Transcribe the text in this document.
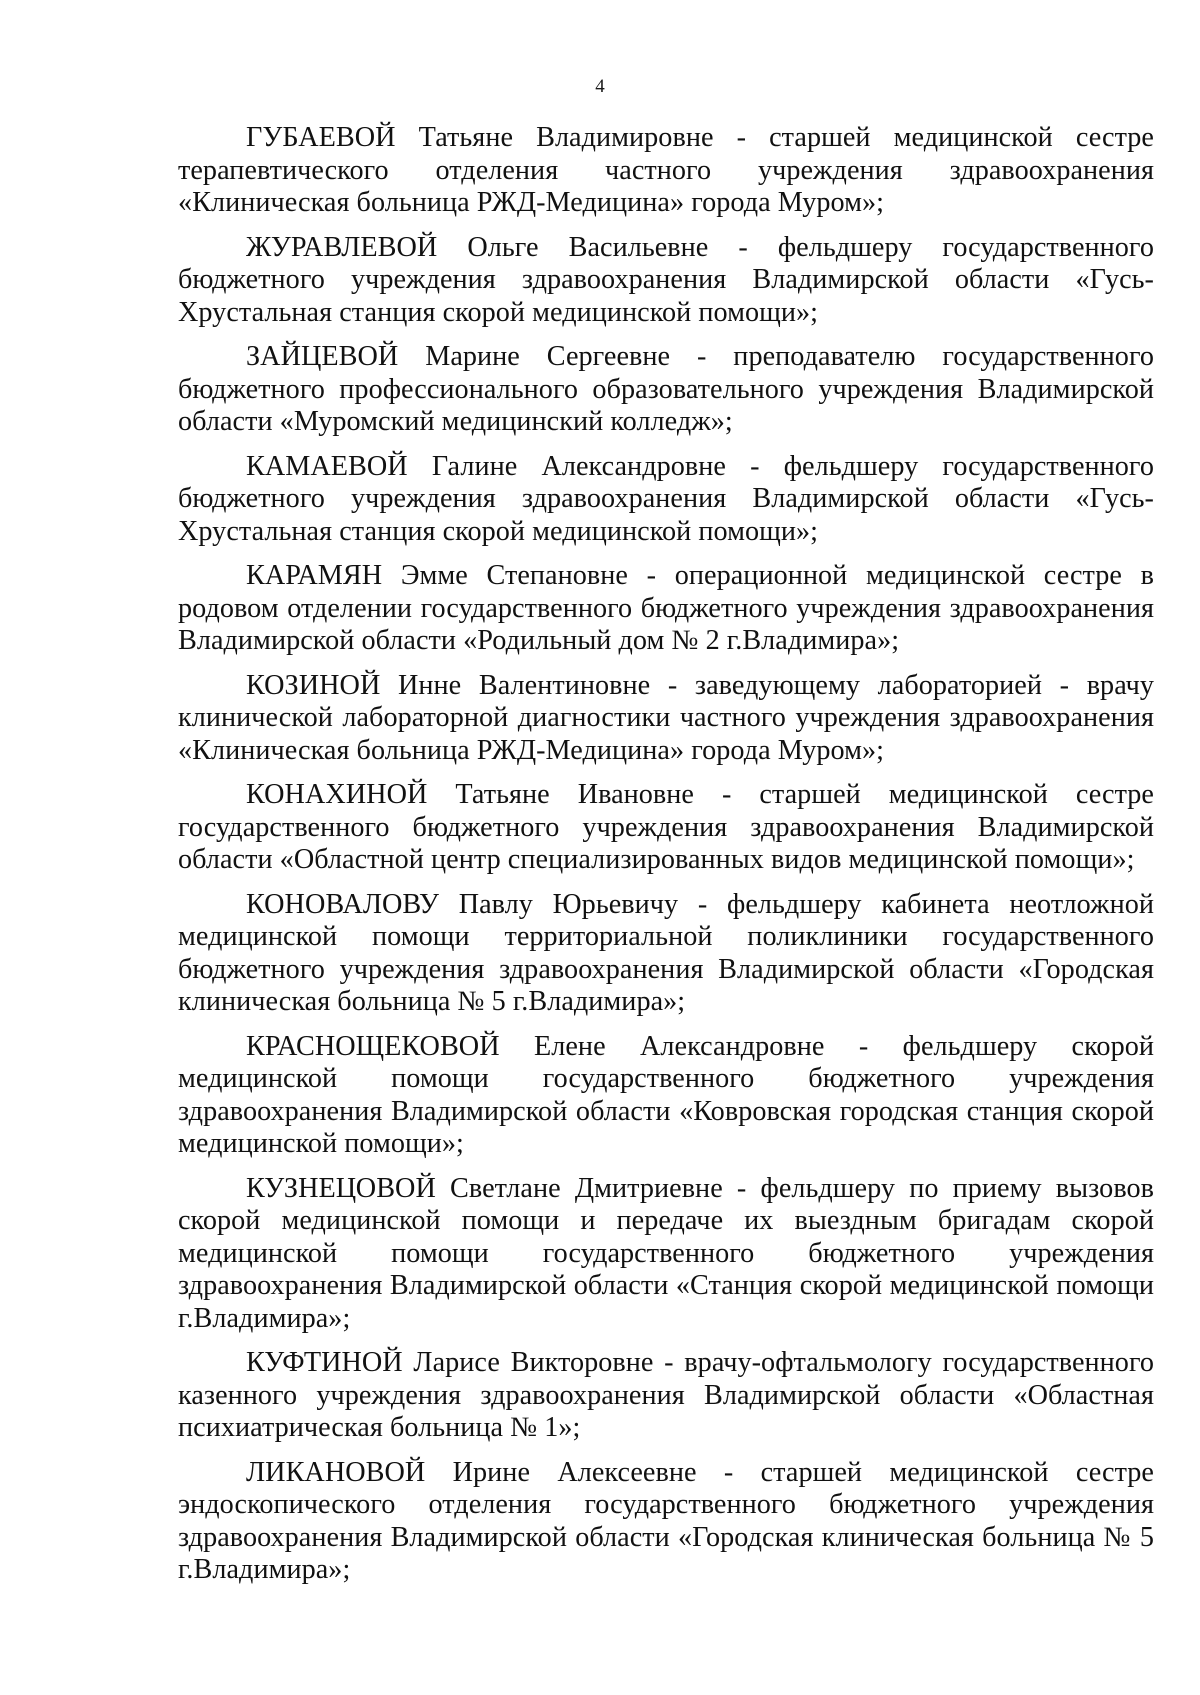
4

ГУБАЕВОЙ Татьяне Владимировне - старшей медицинской сестре терапевтического отделения частного учреждения здравоохранения «Клиническая больница РЖД-Медицина» города Муром»;

ЖУРАВЛЕВОЙ Ольге Васильевне - фельдшеру государственного бюджетного учреждения здравоохранения Владимирской области «Гусь-Хрустальная станция скорой медицинской помощи»;

ЗАЙЦЕВОЙ Марине Сергеевне - преподавателю государственного бюджетного профессионального образовательного учреждения Владимирской области «Муромский медицинский колледж»;

КАМАЕВОЙ Галине Александровне - фельдшеру государственного бюджетного учреждения здравоохранения Владимирской области «Гусь-Хрустальная станция скорой медицинской помощи»;

КАРАМЯН Эмме Степановне - операционной медицинской сестре в родовом отделении государственного бюджетного учреждения здравоохранения Владимирской области «Родильный дом № 2 г.Владимира»;

КОЗИНОЙ Инне Валентиновне - заведующему лабораторией - врачу клинической лабораторной диагностики частного учреждения здравоохранения «Клиническая больница РЖД-Медицина» города Муром»;

КОНАХИНОЙ Татьяне Ивановне - старшей медицинской сестре государственного бюджетного учреждения здравоохранения Владимирской области «Областной центр специализированных видов медицинской помощи»;

КОНОВАЛОВУ Павлу Юрьевичу - фельдшеру кабинета неотложной медицинской помощи территориальной поликлиники государственного бюджетного учреждения здравоохранения Владимирской области «Городская клиническая больница № 5 г.Владимира»;

КРАСНОЩЕКОВОЙ Елене Александровне - фельдшеру скорой медицинской помощи государственного бюджетного учреждения здравоохранения Владимирской области «Ковровская городская станция скорой медицинской помощи»;

КУЗНЕЦОВОЙ Светлане Дмитриевне - фельдшеру по приему вызовов скорой медицинской помощи и передаче их выездным бригадам скорой медицинской помощи государственного бюджетного учреждения здравоохранения Владимирской области «Станция скорой медицинской помощи г.Владимира»;

КУФТИНОЙ Ларисе Викторовне - врачу-офтальмологу государственного казенного учреждения здравоохранения Владимирской области «Областная психиатрическая больница № 1»;

ЛИКАНОВОЙ Ирине Алексеевне - старшей медицинской сестре эндоскопического отделения государственного бюджетного учреждения здравоохранения Владимирской области «Городская клиническая больница № 5 г.Владимира»;
